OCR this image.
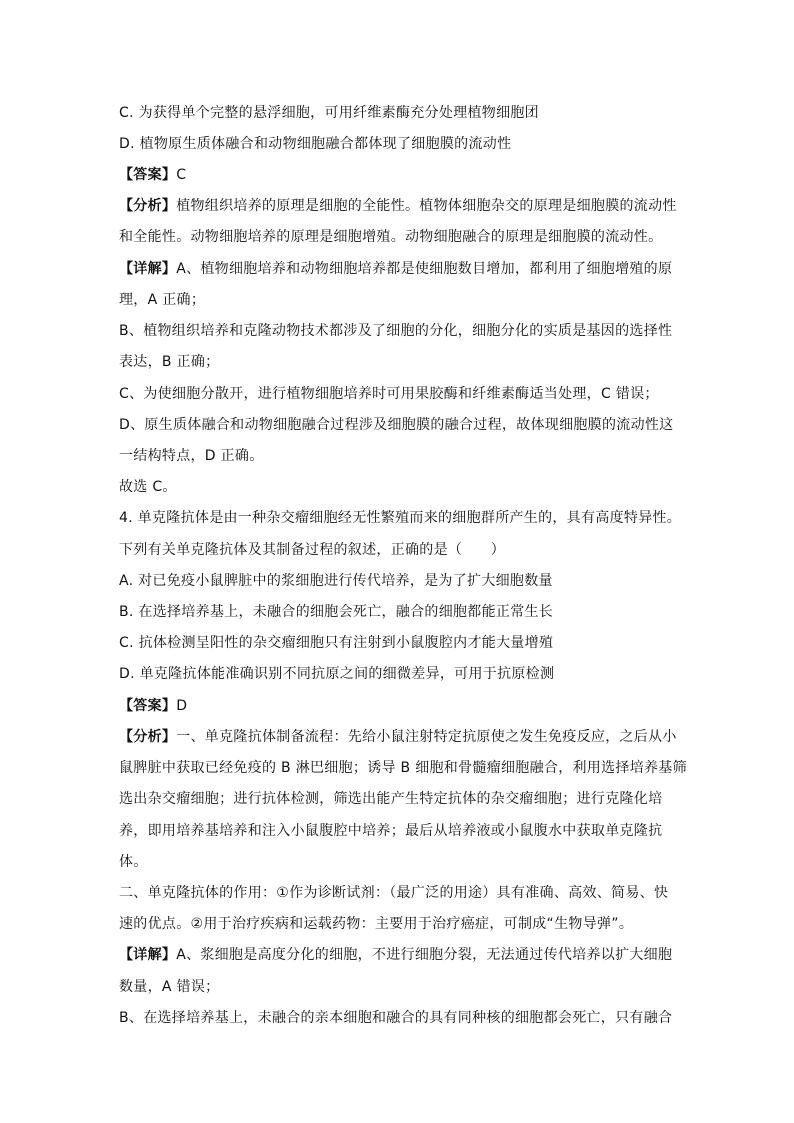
C. 为获得单个完整的悬浮细胞，可用纤维素酶充分处理植物细胞团
D. 植物原生质体融合和动物细胞融合都体现了细胞膜的流动性
【答案】C
【分析】植物组织培养的原理是细胞的全能性。植物体细胞杂交的原理是细胞膜的流动性
和全能性。动物细胞培养的原理是细胞增殖。动物细胞融合的原理是细胞膜的流动性。
【详解】A、植物细胞培养和动物细胞培养都是使细胞数目增加，都利用了细胞增殖的原
理，A 正确；
B、植物组织培养和克隆动物技术都涉及了细胞的分化，细胞分化的实质是基因的选择性
表达，B 正确；
C、为使细胞分散开，进行植物细胞培养时可用果胶酶和纤维素酶适当处理，C 错误；
D、原生质体融合和动物细胞融合过程涉及细胞膜的融合过程，故体现细胞膜的流动性这
一结构特点，D 正确。
故选 C。
4. 单克隆抗体是由一种杂交瘤细胞经无性繁殖而来的细胞群所产生的，具有高度特异性。
下列有关单克隆抗体及其制备过程的叙述，正确的是（　　）
A. 对已免疫小鼠脾脏中的浆细胞进行传代培养，是为了扩大细胞数量
B. 在选择培养基上，未融合的细胞会死亡，融合的细胞都能正常生长
C. 抗体检测呈阳性的杂交瘤细胞只有注射到小鼠腹腔内才能大量增殖
D. 单克隆抗体能准确识别不同抗原之间的细微差异，可用于抗原检测
【答案】D
【分析】一、单克隆抗体制备流程：先给小鼠注射特定抗原使之发生免疫反应，之后从小
鼠脾脏中获取已经免疫的 B 淋巴细胞；诱导 B 细胞和骨髓瘤细胞融合，利用选择培养基筛
选出杂交瘤细胞；进行抗体检测，筛选出能产生特定抗体的杂交瘤细胞；进行克隆化培
养，即用培养基培养和注入小鼠腹腔中培养；最后从培养液或小鼠腹水中获取单克隆抗
体。
二、单克隆抗体的作用：①作为诊断试剂：（最广泛的用途）具有准确、高效、简易、快
速的优点。②用于治疗疾病和运载药物：主要用于治疗癌症，可制成“生物导弹”。
【详解】A、浆细胞是高度分化的细胞，不进行细胞分裂，无法通过传代培养以扩大细胞
数量，A 错误；
B、在选择培养基上，未融合的亲本细胞和融合的具有同种核的细胞都会死亡，只有融合
